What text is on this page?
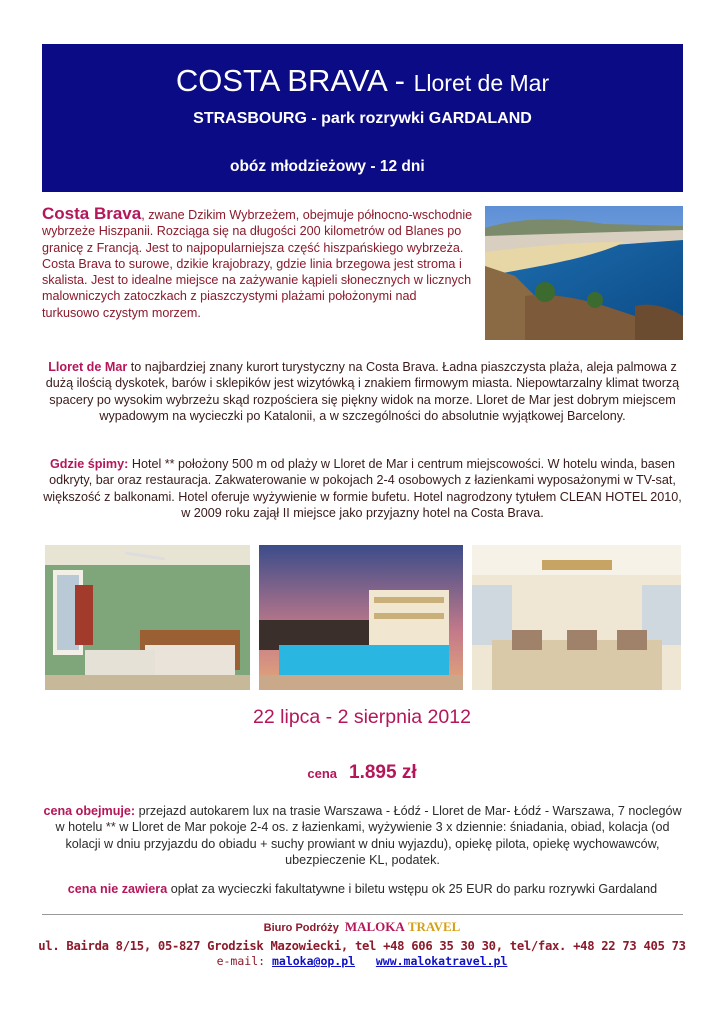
COSTA BRAVA - Lloret de Mar
STRASBOURG - park rozrywki GARDALAND
obóz młodzieżowy - 12 dni
Costa Brava, zwane Dzikim Wybrzeżem, obejmuje północno-wschodnie wybrzeże Hiszpanii. Rozciąga się na długości 200 kilometrów od Blanes po granicę z Francją. Jest to najpopularniejsza część hiszpańskiego wybrzeża. Costa Brava to surowe, dzikie krajobrazy, gdzie linia brzegowa jest stroma i skalista. Jest to idealne miejsce na zażywanie kąpieli słonecznych w licznych malowniczych zatoczkach z piaszczystymi plażami położonymi nad turkusowo czystym morzem.
Lloret de Mar to najbardziej znany kurort turystyczny na Costa Brava. Ładna piaszczysta plaża, aleja palmowa z dużą ilością dyskotek, barów i sklepików jest wizytówką i znakiem firmowym miasta. Niepowtarzalny klimat tworzą spacery po wysokim wybrzeżu skąd rozpościera się piękny widok na morze. Lloret de Mar jest dobrym miejscem wypadowym na wycieczki po Katalonii, a w szczególności do absolutnie wyjątkowej Barcelony.
Gdzie śpimy: Hotel ** położony 500 m od plaży w Lloret de Mar i centrum miejscowości. W hotelu winda, basen odkryty, bar oraz restauracja. Zakwaterowanie w pokojach 2-4 osobowych z łazienkami wyposażonymi w TV-sat, większość z balkonami. Hotel oferuje wyżywienie w formie bufetu. Hotel nagrodzony tytułem CLEAN HOTEL 2010, w 2009 roku zajął II miejsce jako przyjazny hotel na Costa Brava.
22 lipca - 2 sierpnia 2012
cena 1.895 zł
cena obejmuje: przejazd autokarem lux na trasie Warszawa - Łódź - Lloret de Mar- Łódź - Warszawa, 7 noclegów w hotelu ** w Lloret de Mar pokoje 2-4 os. z łazienkami, wyżywienie 3 x dziennie: śniadania, obiad, kolacja (od kolacji w dniu przyjazdu do obiadu + suchy prowiant w dniu wyjazdu), opiekę pilota, opiekę wychowawców, ubezpieczenie KL, podatek.
cena nie zawiera opłat za wycieczki fakultatywne i biletu wstępu ok 25 EUR do parku rozrywki Gardaland
Biuro Podróży MALOKA TRAVEL
ul. Bairda 8/15, 05-827 Grodzisk Mazowiecki, tel +48 606 35 30 30, tel/fax. +48 22 73 405 73
e-mail: maloka@op.pl www.malokatravel.pl
